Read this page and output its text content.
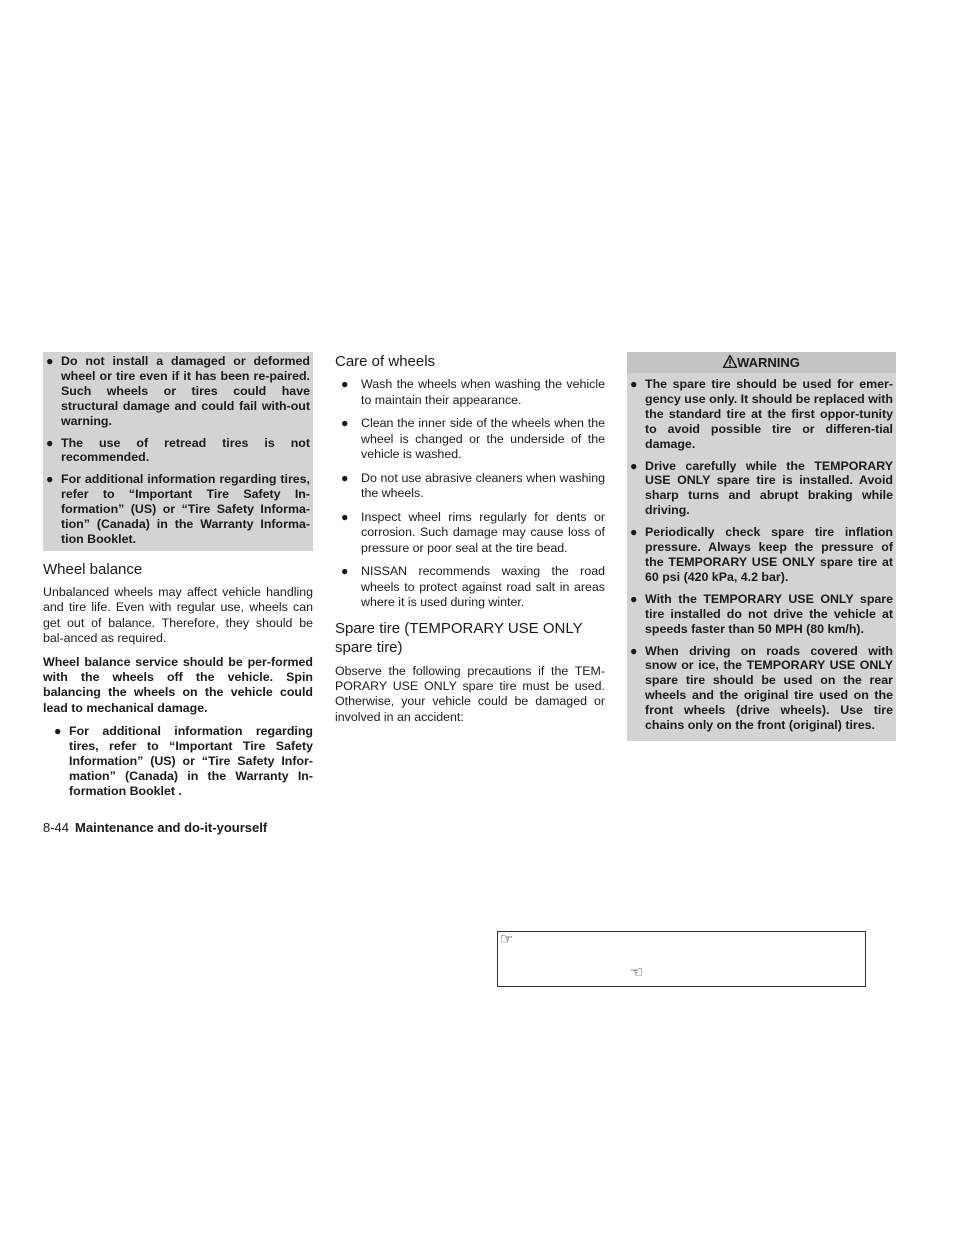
● Do not install a damaged or deformed wheel or tire even if it has been re-paired. Such wheels or tires could have structural damage and could fail with-out warning.
● The use of retread tires is not recommended.
● For additional information regarding tires, refer to “Important Tire Safety In-formation” (US) or “Tire Safety Informa-tion” (Canada) in the Warranty Informa-tion Booklet.
Wheel balance

Unbalanced wheels may affect vehicle handling and tire life. Even with regular use, wheels can get out of balance. Therefore, they should be bal-anced as required.

Wheel balance service should be per-formed with the wheels off the vehicle. Spin balancing the wheels on the vehicle could lead to mechanical damage.

● For additional information regarding tires, refer to “Important Tire Safety Information” (US) or “Tire Safety Infor-mation” (Canada) in the Warranty In-formation Booklet .
Care of wheels
● Wash the wheels when washing the vehicle to maintain their appearance.
● Clean the inner side of the wheels when the wheel is changed or the underside of the vehicle is washed.
● Do not use abrasive cleaners when washing the wheels.
● Inspect wheel rims regularly for dents or corrosion. Such damage may cause loss of pressure or poor seal at the tire bead.
● NISSAN recommends waxing the road wheels to protect against road salt in areas where it is used during winter.
Spare tire (TEMPORARY USE ONLY spare tire)

Observe the following precautions if the TEM-PORARY USE ONLY spare tire must be used. Otherwise, your vehicle could be damaged or involved in an accident:

WARNING
● The spare tire should be used for emer-gency use only. It should be replaced with the standard tire at the first oppor-tunity to avoid possible tire or differen-tial damage.
● Drive carefully while the TEMPORARY USE ONLY spare tire is installed. Avoid sharp turns and abrupt braking while driving.
● Periodically check spare tire inflation pressure. Always keep the pressure of the TEMPORARY USE ONLY spare tire at 60 psi (420 kPa, 4.2 bar).
● With the TEMPORARY USE ONLY spare tire installed do not drive the vehicle at speeds faster than 50 MPH (80 km/h).
● When driving on roads covered with snow or ice, the TEMPORARY USE ONLY spare tire should be used on the rear wheels and the original tire used on the front wheels (drive wheels). Use tire chains only on the front (original) tires.
8-44 Maintenance and do-it-yourself
☞
☜
